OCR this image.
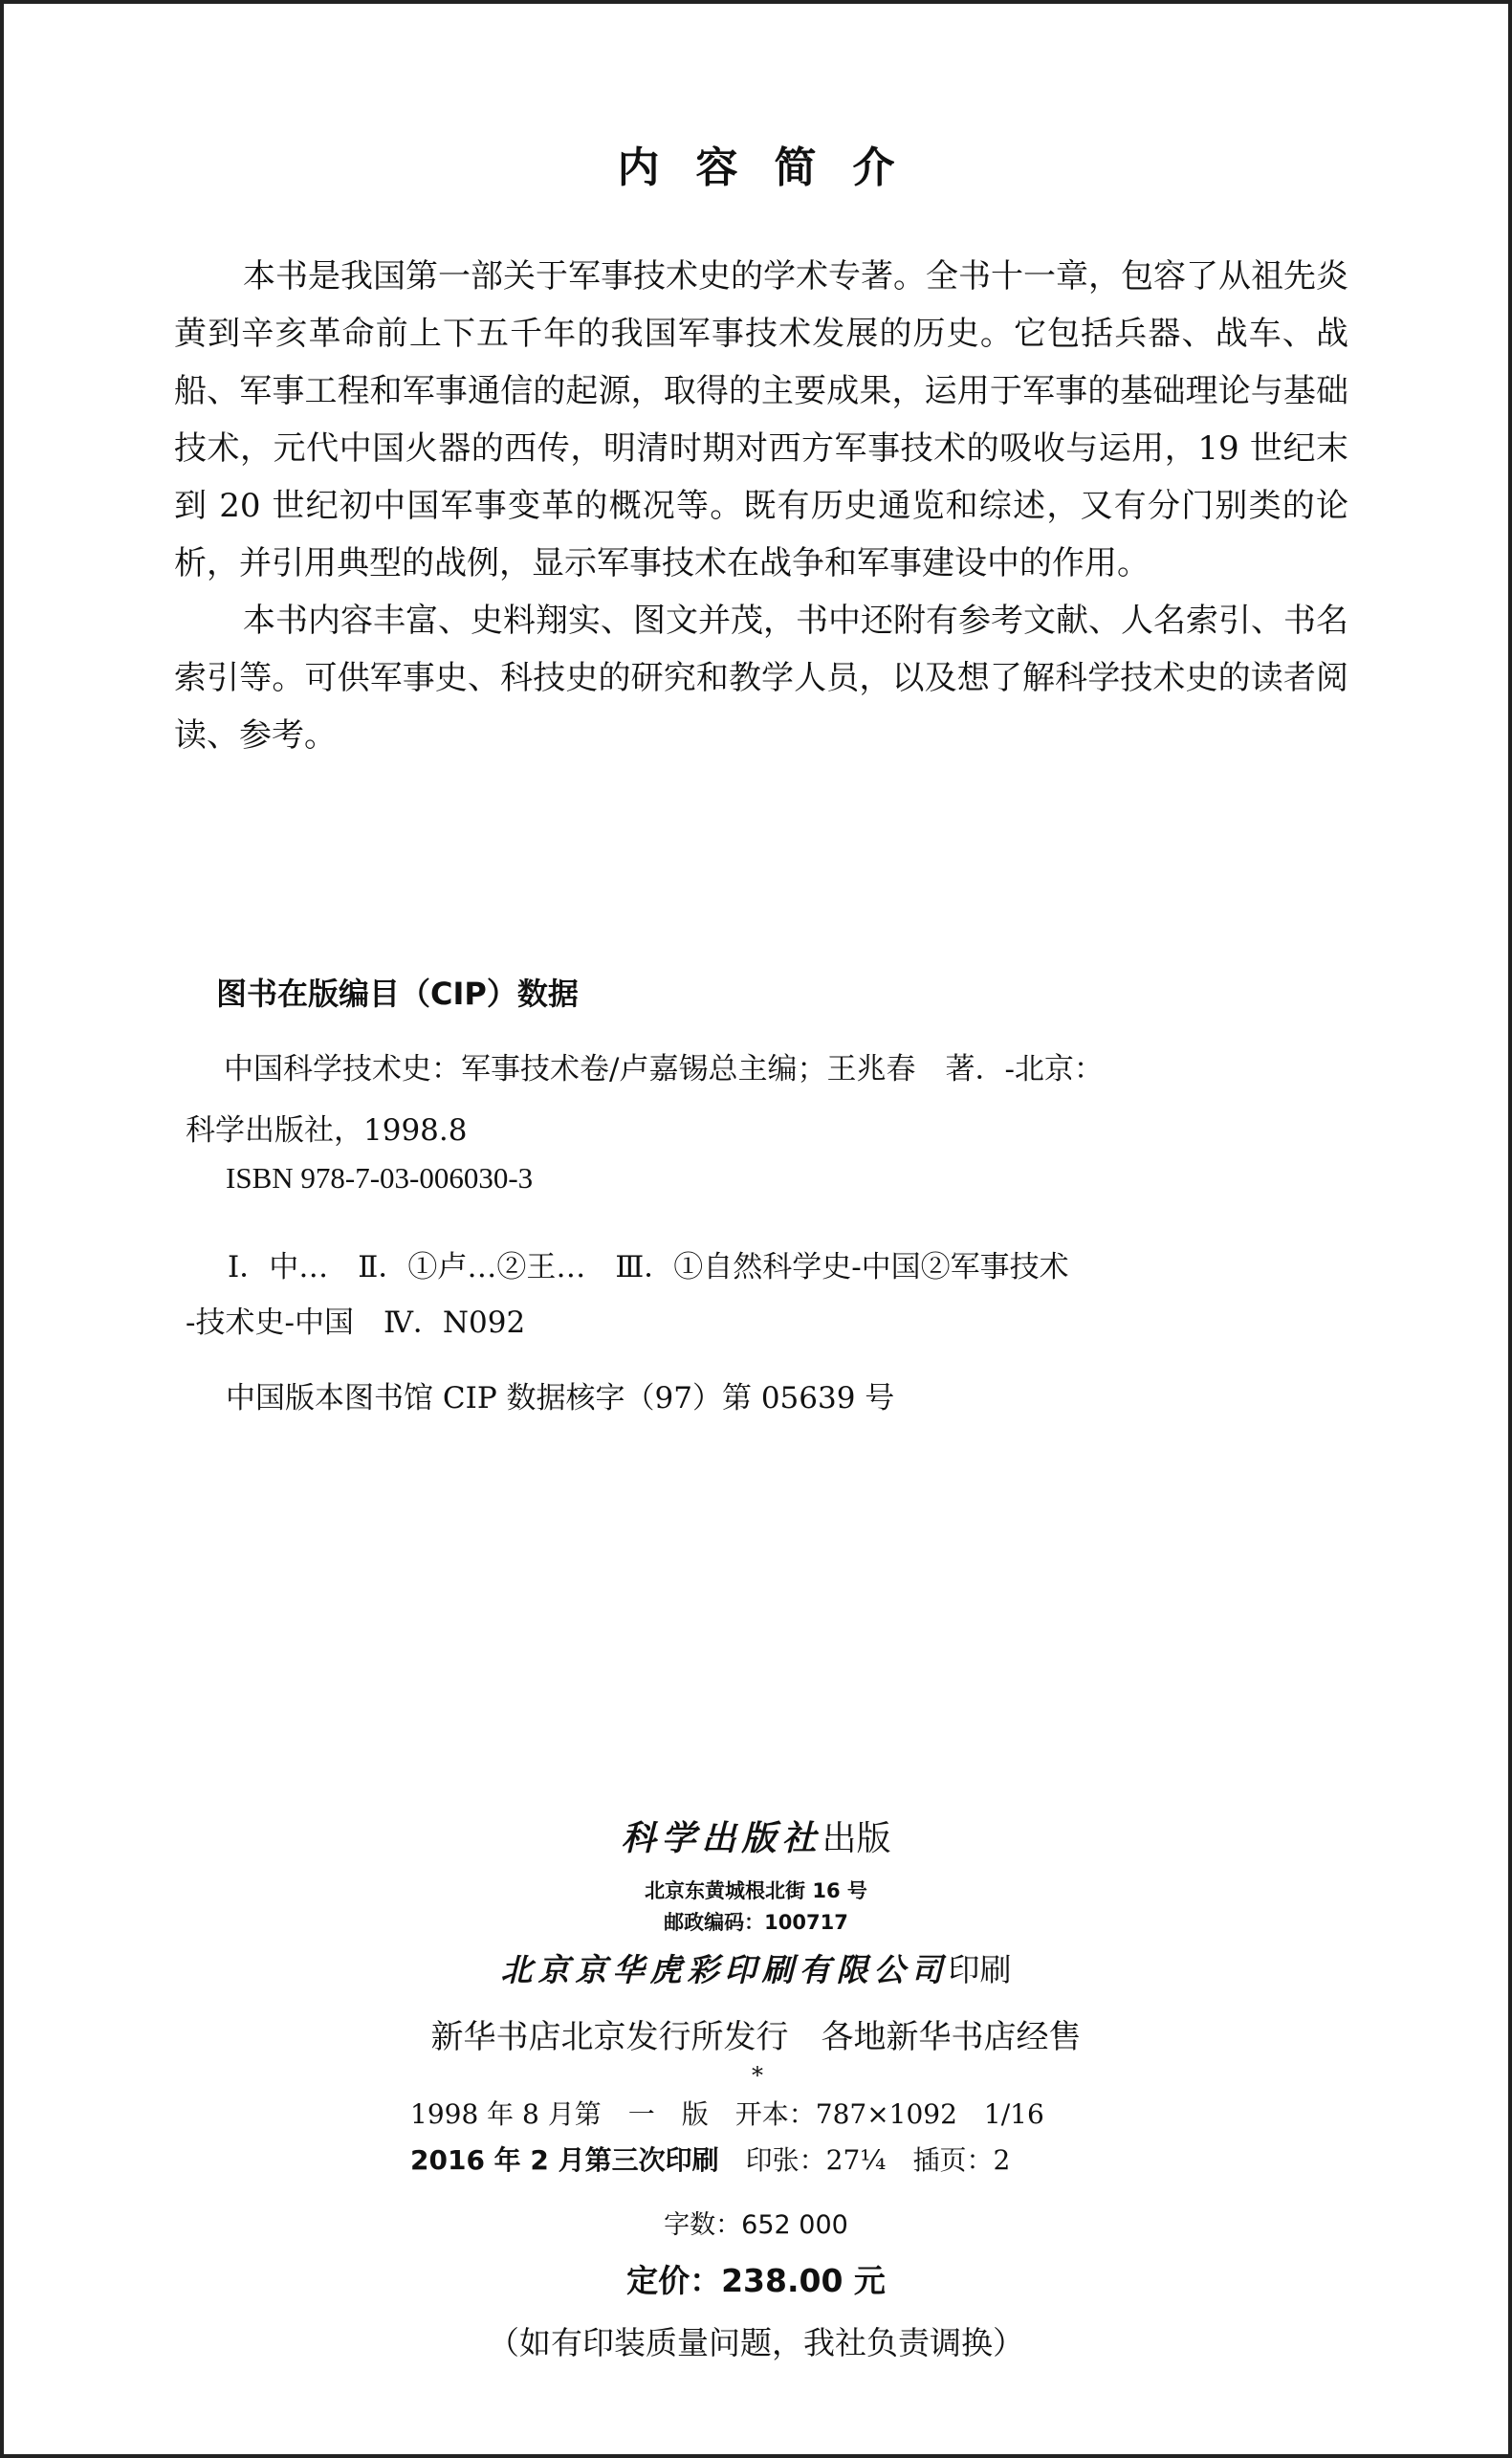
内容简介

本书是我国第一部关于军事技术史的学术专著。全书十一章，包容了从祖先炎黄到辛亥革命前上下五千年的我国军事技术发展的历史。它包括兵器、战车、战船、军事工程和军事通信的起源，取得的主要成果，运用于军事的基础理论与基础技术，元代中国火器的西传，明清时期对西方军事技术的吸收与运用，19 世纪末到 20 世纪初中国军事变革的概况等。既有历史通览和综述，又有分门别类的论析，并引用典型的战例，显示军事技术在战争和军事建设中的作用。

本书内容丰富、史料翔实、图文并茂，书中还附有参考文献、人名索引、书名索引等。可供军事史、科技史的研究和教学人员，以及想了解科学技术史的读者阅读、参考。

图书在版编目（CIP）数据
中国科学技术史：军事技术卷/卢嘉锡总主编；王兆春　著．-北京：
科学出版社，1998.8
ISBN 978-7-03-006030-3
Ⅰ．中…　Ⅱ．①卢…②王…　Ⅲ．①自然科学史-中国②军事技术
-技术史-中国　Ⅳ．N092
中国版本图书馆 CIP 数据核字（97）第 05639 号
科学出版社出版
北京东黄城根北街 16 号
邮政编码：100717
北京京华虎彩印刷有限公司印刷
新华书店北京发行所发行　各地新华书店经售
*
1998 年 8 月第　一　版　开本：787×1092　1/16
2016 年 2 月第三次印刷　印张：27¼　插页：2
字数：652 000
定价：238.00 元
（如有印装质量问题，我社负责调换）
